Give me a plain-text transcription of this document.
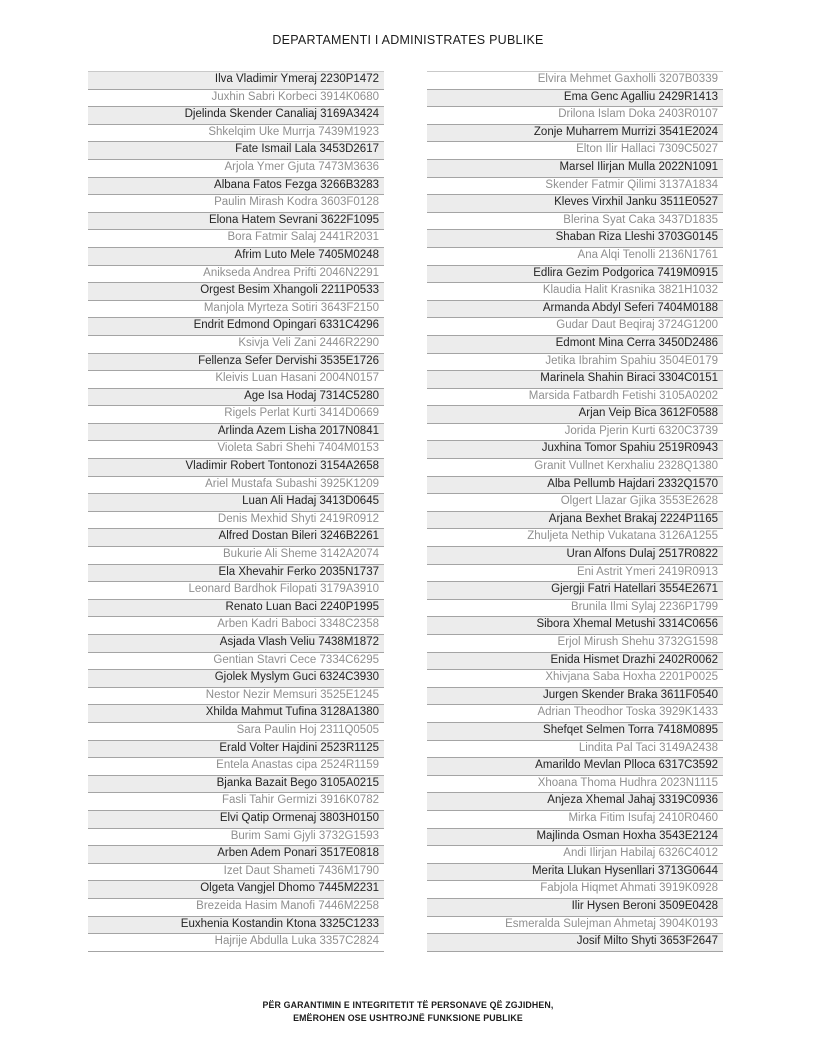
DEPARTAMENTI I ADMINISTRATES PUBLIKE
Ilva Vladimir Ymeraj 2230P1472
Juxhin Sabri Korbeci 3914K0680
Djelinda Skender Canaliaj 3169A3424
Shkelqim Uke Murrja 7439M1923
Fate Ismail Lala 3453D2617
Arjola Ymer Gjuta 7473M3636
Albana Fatos Fezga 3266B3283
Paulin Mirash Kodra 3603F0128
Elona Hatem Sevrani 3622F1095
Bora Fatmir Salaj 2441R2031
Afrim Luto Mele 7405M0248
Anikseda Andrea Prifti 2046N2291
Orgest Besim Xhangoli 2211P0533
Manjola Myrteza Sotiri 3643F2150
Endrit Edmond Opingari 6331C4296
Ksivja Veli Zani 2446R2290
Fellenza Sefer Dervishi 3535E1726
Kleivis Luan Hasani 2004N0157
Age Isa Hodaj 7314C5280
Rigels Perlat Kurti 3414D0669
Arlinda Azem Lisha 2017N0841
Violeta Sabri Shehi 7404M0153
Vladimir Robert Tontonozi 3154A2658
Ariel Mustafa Subashi 3925K1209
Luan Ali Hadaj 3413D0645
Denis Mexhid Shyti 2419R0912
Alfred Dostan Bileri 3246B2261
Bukurie Ali Sheme 3142A2074
Ela Xhevahir Ferko 2035N1737
Leonard Bardhok Filopati 3179A3910
Renato Luan Baci 2240P1995
Arben Kadri Baboci 3348C2358
Asjada Vlash Veliu 7438M1872
Gentian Stavri Cece 7334C6295
Gjolek Myslym Guci 6324C3930
Nestor Nezir Memsuri 3525E1245
Xhilda Mahmut Tufina 3128A1380
Sara Paulin Hoj 2311Q0505
Erald Volter Hajdini 2523R1125
Entela Anastas cipa 2524R1159
Bjanka Bazait Bego 3105A0215
Fasli Tahir Germizi 3916K0782
Elvi Qatip Ormenaj 3803H0150
Burim Sami Gjyli 3732G1593
Arben Adem Ponari 3517E0818
Izet Daut Shameti 7436M1790
Olgeta Vangjel Dhomo 7445M2231
Brezeida Hasim Manofi 7446M2258
Euxhenia Kostandin Ktona 3325C1233
Hajrije Abdulla Luka 3357C2824
Elvira Mehmet Gaxholli 3207B0339
Ema Genc Agalliu 2429R1413
Drilona Islam Doka 2403R0107
Zonje Muharrem Murrizi 3541E2024
Elton Ilir Hallaci 7309C5027
Marsel Ilirjan Mulla 2022N1091
Skender Fatmir Qilimi 3137A1834
Kleves Virxhil Janku 3511E0527
Blerina Syat Caka 3437D1835
Shaban Riza Lleshi 3703G0145
Ana Alqi Tenolli 2136N1761
Edlira Gezim Podgorica 7419M0915
Klaudia Halit Krasnika 3821H1032
Armanda Abdyl Seferi 7404M0188
Gudar Daut Beqiraj 3724G1200
Edmont Mina Cerra 3450D2486
Jetika Ibrahim Spahiu 3504E0179
Marinela Shahin Biraci 3304C0151
Marsida Fatbardh Fetishi 3105A0202
Arjan Veip Bica 3612F0588
Jorida Pjerin Kurti 6320C3739
Juxhina Tomor Spahiu 2519R0943
Granit Vullnet Kerxhaliu 2328Q1380
Alba Pellumb Hajdari 2332Q1570
Olgert Llazar Gjika 3553E2628
Arjana Bexhet Brakaj 2224P1165
Zhuljeta Nethip Vukatana 3126A1255
Uran Alfons Dulaj 2517R0822
Eni Astrit Ymeri 2419R0913
Gjergji Fatri Hatellari 3554E2671
Brunila Ilmi Sylaj 2236P1799
Sibora Xhemal Metushi 3314C0656
Erjol Mirush Shehu 3732G1598
Enida Hismet Drazhi 2402R0062
Xhivjana Saba Hoxha 2201P0025
Jurgen Skender Braka 3611F0540
Adrian Theodhor Toska 3929K1433
Shefqet Selmen Torra 7418M0895
Lindita Pal Taci 3149A2438
Amarildo Mevlan Plloca 6317C3592
Xhoana Thoma Hudhra 2023N1115
Anjeza Xhemal Jahaj 3319C0936
Mirka Fitim Isufaj 2410R0460
Majlinda Osman Hoxha 3543E2124
Andi Ilirjan Habilaj 6326C4012
Merita Llukan Hysenllari 3713G0644
Fabjola Hiqmet Ahmati 3919K0928
Ilir Hysen Beroni 3509E0428
Esmeralda Sulejman Ahmetaj 3904K0193
Josif Milto Shyti 3653F2647
PËR GARANTIMIN E INTEGRITETIT TË PERSONAVE QË ZGJIDHEN,
EMËROHEN OSE USHTROJNË FUNKSIONE PUBLIKE
